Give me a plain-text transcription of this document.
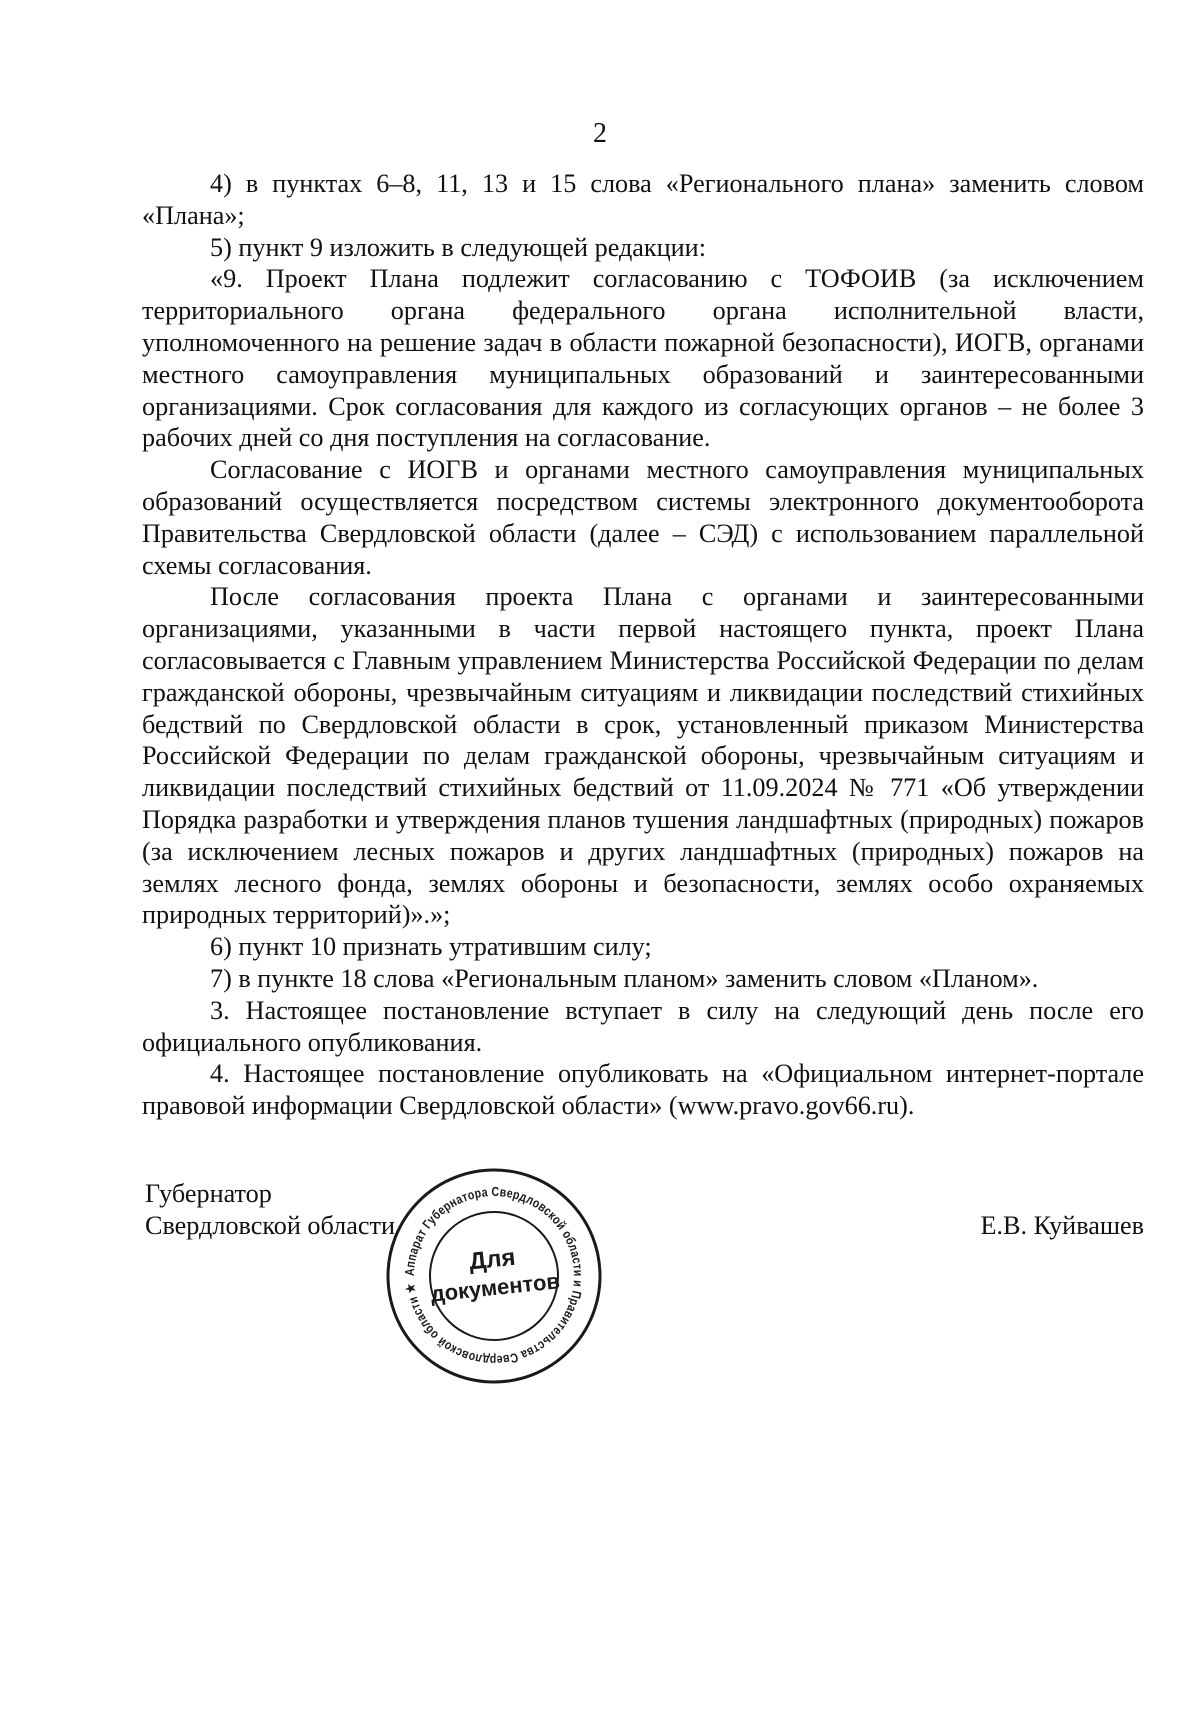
2

4) в пунктах 6–8, 11, 13 и 15 слова «Регионального плана» заменить словом «Плана»;

5) пункт 9 изложить в следующей редакции:

«9. Проект Плана подлежит согласованию с ТОФОИВ (за исключением территориального органа федерального органа исполнительной власти, уполномоченного на решение задач в области пожарной безопасности), ИОГВ, органами местного самоуправления муниципальных образований и заинтересованными организациями. Срок согласования для каждого из согласующих органов – не более 3 рабочих дней со дня поступления на согласование.

Согласование с ИОГВ и органами местного самоуправления муниципальных образований осуществляется посредством системы электронного документооборота Правительства Свердловской области (далее – СЭД) с использованием параллельной схемы согласования.

После согласования проекта Плана с органами и заинтересованными организациями, указанными в части первой настоящего пункта, проект Плана согласовывается с Главным управлением Министерства Российской Федерации по делам гражданской обороны, чрезвычайным ситуациям и ликвидации последствий стихийных бедствий по Свердловской области в срок, установленный приказом Министерства Российской Федерации по делам гражданской обороны, чрезвычайным ситуациям и ликвидации последствий стихийных бедствий от 11.09.2024 № 771 «Об утверждении Порядка разработки и утверждения планов тушения ландшафтных (природных) пожаров (за исключением лесных пожаров и других ландшафтных (природных) пожаров на землях лесного фонда, землях обороны и безопасности, землях особо охраняемых природных территорий)».»;

6) пункт 10 признать утратившим силу;

7) в пункте 18 слова «Региональным планом» заменить словом «Планом».

3. Настоящее постановление вступает в силу на следующий день после его официального опубликования.

4. Настоящее постановление опубликовать на «Официальном интернет-портале правовой информации Свердловской области» (www.pravo.gov66.ru).

Губернатор
Свердловской области	Е.В. Куйвашев
Аппарат Губернатора Свердловской области и Правительства Свердловской области ★
Для
документов
